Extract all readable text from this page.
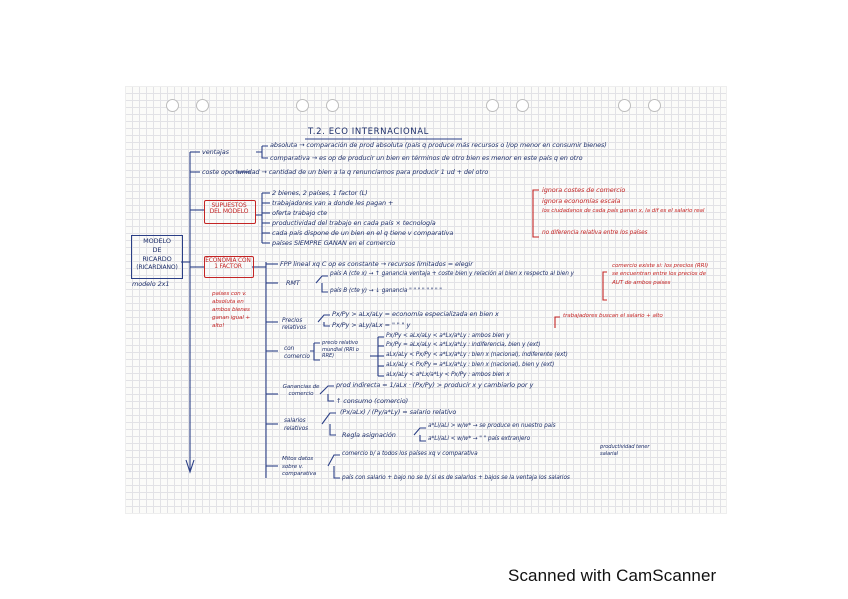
T.2. ECO INTERNACIONAL
MODELO
DE
RICARDO
(RICARDIANO)
modelo 2x1
ventajas
absoluta → comparación de prod absoluta (país q produce más recursos o l/op menor en consumir bienes)
comparativa → es op de producir un bien en términos de otro bien es menor en este país q en otro
coste oportunidad → cantidad de un bien a la q renunciamos para producir 1 ud + del otro
SUPUESTOS DEL MODELO
2 bienes, 2 países, 1 factor (L)
trabajadores van a donde les pagan +
oferta trabajo cte
productividad del trabajo en cada país × tecnología
cada país dispone de un bien en el q tiene v comparativa
países SIEMPRE GANAN en el comercio
ignora costes de comercio
ignora economías escala
los ciudadanos de cada país ganan x, la dif es el salario real
no diferencia relativa entre los países
ECONOMÍA CON 1 FACTOR
países con v. absoluta en ambos bienes ganan igual + alto!
FPP lineal xq C op es constante → recursos limitados = elegir
RMT
país A (cte x) → ↑ ganancia ventaja + coste bien y relación al bien x respecto al bien y
país B (cte y) → ↓ ganancia " " " " " " " "
comercio existe si: los precios (RRI) se encuentran entre los precios de AUT de ambos países
Precios relativos
Px/Py > aLx/aLy = economía especializada en bien x
Px/Py > aLy/aLx = " " " y
trabajadores buscan el salario + alto
con comercio
precio relativo mundial (RRI o RRE)
Px/Py < aLx/aLy < a*Lx/a*Ly : ambos bien y
Px/Py = aLx/aLy < a*Lx/a*Ly : indiferencia, bien y (ext)
aLx/aLy < Px/Py < a*Lx/a*Ly : bien x (nacional), indiferente (ext)
aLx/aLy < Px/Py = a*Lx/a*Ly : bien x (nacional), bien y (ext)
aLx/aLy < a*Lx/a*Ly < Px/Py : ambos bien x
Ganancias de comercio
prod indirecta = 1/aLx · (Px/Py) > producir x y cambiarlo por y
↑ consumo (comercio)
salarios relativos
(Px/aLx) / (Py/a*Ly) = salario relativo
Regla asignación
a*Li/aLi > w/w* → se produce en nuestro país
a*Li/aLi < w/w* → " " país extranjero
Mitos datos sobre v. comparativa
comercio b/ a todos los países xq v comparativa
productividad tener salarial
país con salario + bajo no se b/ si es de salarios + bajos se la ventaja los salarios
Scanned with CamScanner
